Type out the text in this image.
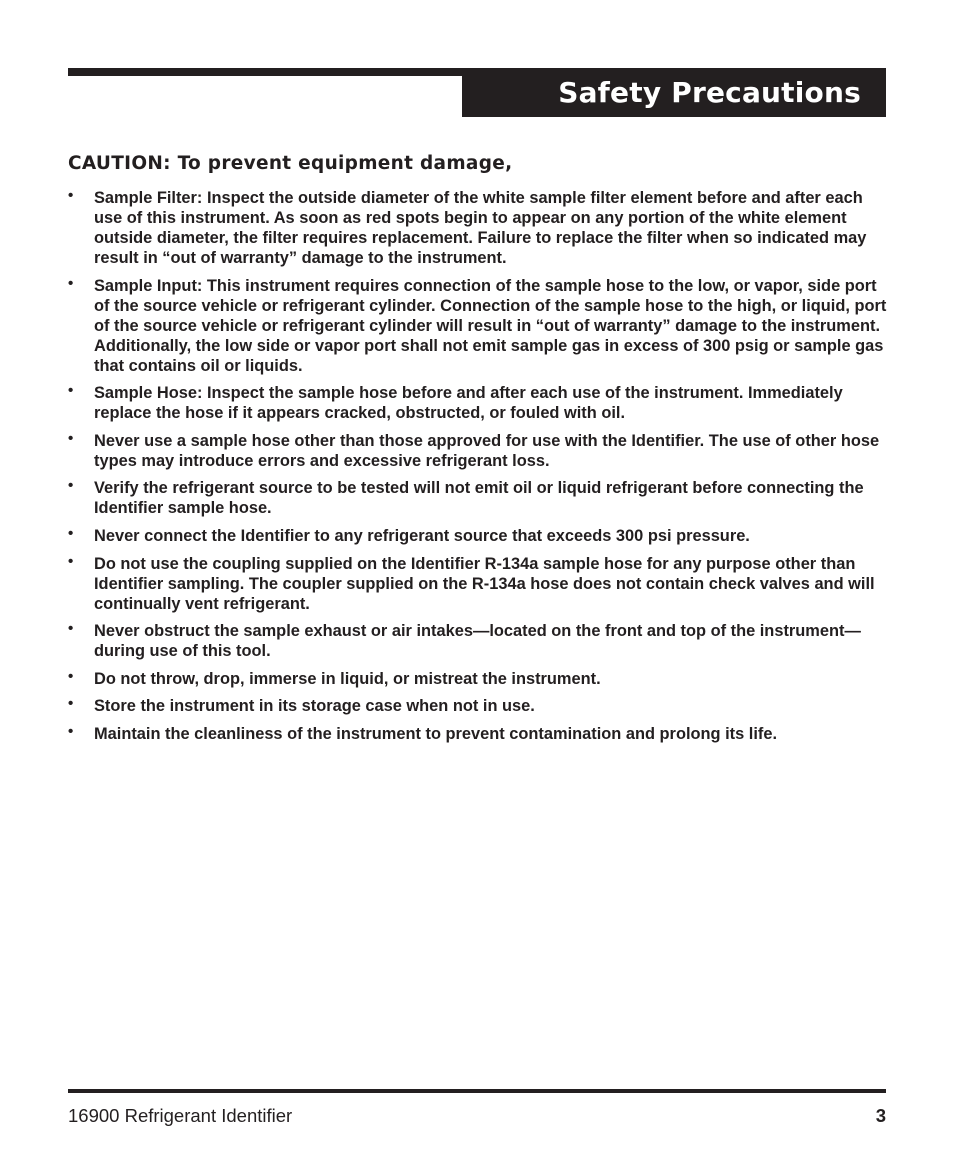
Safety Precautions
CAUTION: To prevent equipment damage,
• Sample Filter: Inspect the outside diameter of the white sample filter element before and after each use of this instrument. As soon as red spots begin to appear on any portion of the white element outside diameter, the filter requires replacement. Failure to replace the filter when so indicated may result in “out of warranty” damage to the instrument.
• Sample Input: This instrument requires connection of the sample hose to the low, or vapor, side port of the source vehicle or refrigerant cylinder. Connection of the sample hose to the high, or liquid, port of the source vehicle or refrigerant cylinder will result in “out of warranty” damage to the instrument. Additionally, the low side or vapor port shall not emit sample gas in excess of 300 psig or sample gas that contains oil or liquids.
• Sample Hose: Inspect the sample hose before and after each use of the instrument. Immediately replace the hose if it appears cracked, obstructed, or fouled with oil.
• Never use a sample hose other than those approved for use with the Identifier. The use of other hose types may introduce errors and excessive refrigerant loss.
• Verify the refrigerant source to be tested will not emit oil or liquid refrigerant before connecting the Identifier sample hose.
• Never connect the Identifier to any refrigerant source that exceeds 300 psi pressure.
• Do not use the coupling supplied on the Identifier R-134a sample hose for any purpose other than Identifier sampling. The coupler supplied on the R-134a hose does not contain check valves and will continually vent refrigerant.
• Never obstruct the sample exhaust or air intakes—located on the front and top of the instrument—during use of this tool.
• Do not throw, drop, immerse in liquid, or mistreat the instrument.
• Store the instrument in its storage case when not in use.
• Maintain the cleanliness of the instrument to prevent contamination and prolong its life.
16900 Refrigerant Identifier	3
